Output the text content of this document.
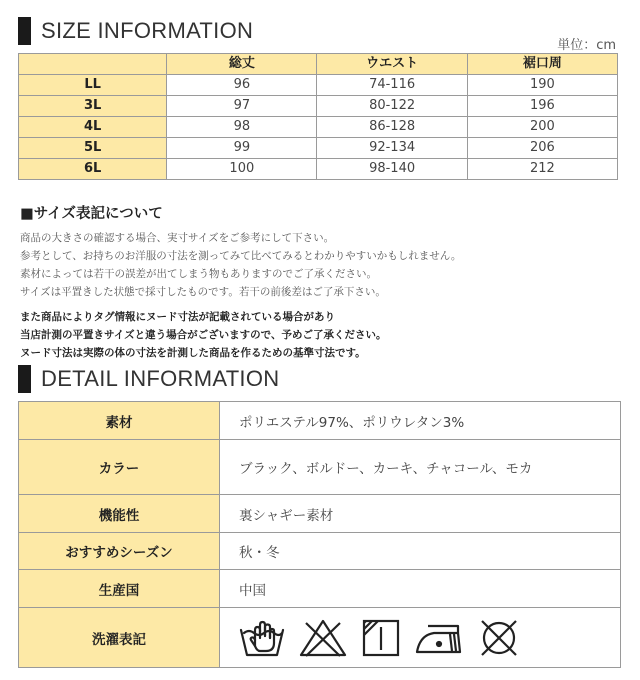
SIZE INFORMATION
単位：cm
	総丈	ウエスト	裾口周
LL	96	74-116	190
3L	97	80-122	196
4L	98	86-128	200
5L	99	92-134	206
6L	100	98-140	212
■サイズ表記について
商品の大きさの確認する場合、実寸サイズをご参考にして下さい。
参考として、お持ちのお洋服の寸法を測ってみて比べてみるとわかりやすいかもしれません。
素材によっては若干の誤差が出てしまう物もありますのでご了承ください。
サイズは平置きした状態で採寸したものです。若干の前後差はご了承下さい。
また商品によりタグ情報にヌード寸法が記載されている場合があり
当店計測の平置きサイズと違う場合がございますので、予めご了承ください。
ヌード寸法は実際の体の寸法を計測した商品を作るための基準寸法です。
DETAIL INFORMATION
素材	ポリエステル97%、ポリウレタン3%
カラー	ブラック、ボルドー、カーキ、チャコール、モカ
機能性	裏シャギー素材
おすすめシーズン	秋・冬
生産国	中国
洗濯表記	
